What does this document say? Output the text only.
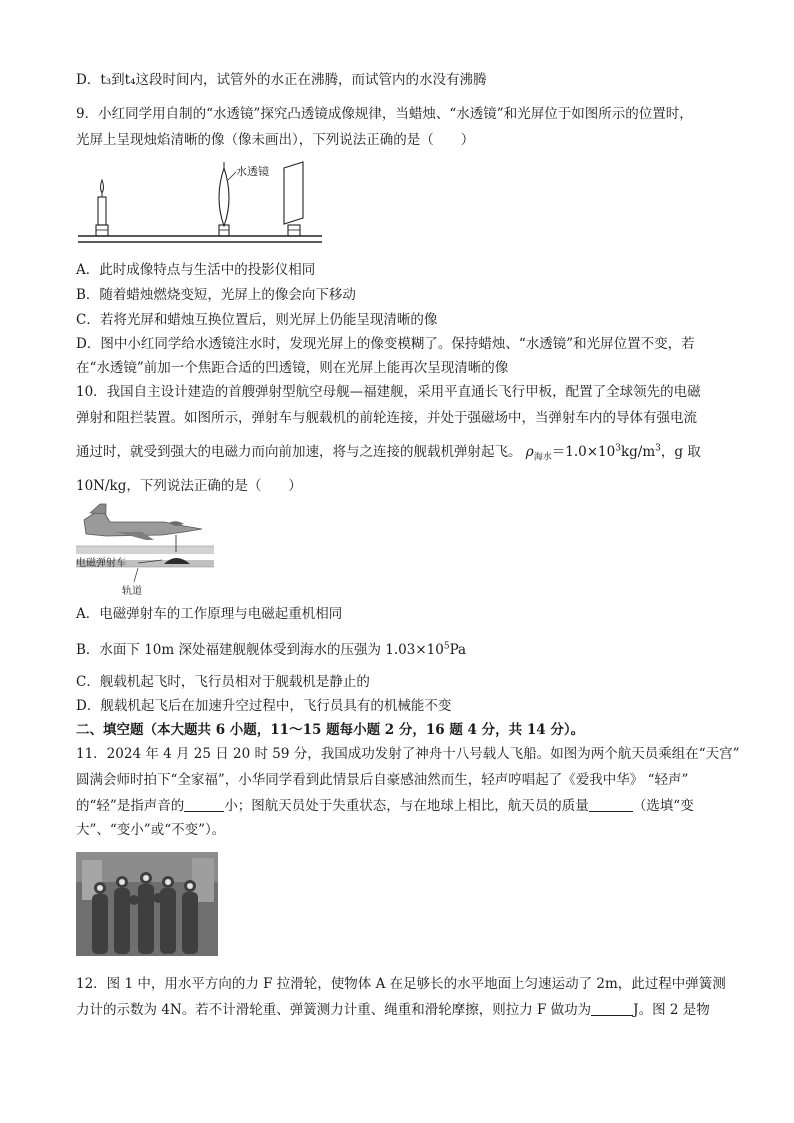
D．t₃到t₄这段时间内，试管外的水正在沸腾，而试管内的水没有沸腾
9．小红同学用自制的“水透镜”探究凸透镜成像规律，当蜡烛、“水透镜”和光屏位于如图所示的位置时，
光屏上呈现烛焰清晰的像（像未画出），下列说法正确的是（　　）
水透镜
A．此时成像特点与生活中的投影仪相同
B．随着蜡烛燃烧变短，光屏上的像会向下移动
C．若将光屏和蜡烛互换位置后，则光屏上仍能呈现清晰的像
D．图中小红同学给水透镜注水时，发现光屏上的像变模糊了。保持蜡烛、“水透镜”和光屏位置不变，若
在“水透镜”前加一个焦距合适的凹透镜，则在光屏上能再次呈现清晰的像
10．我国自主设计建造的首艘弹射型航空母舰—福建舰，采用平直通长飞行甲板，配置了全球领先的电磁
弹射和阻拦装置。如图所示，弹射车与舰载机的前轮连接，并处于强磁场中，当弹射车内的导体有强电流
通过时，就受到强大的电磁力而向前加速，将与之连接的舰载机弹射起飞。 $\rho_{海水}=1.0\times 10^3kg/m^3$，g 取
10N/kg，下列说法正确的是（　　）
电磁弹射车
轨道
A．电磁弹射车的工作原理与电磁起重机相同
B．水面下 10m 深处福建舰舰体受到海水的压强为 $1.03\times 10^5Pa$
C．舰载机起飞时，飞行员相对于舰载机是静止的
D．舰载机起飞后在加速升空过程中，飞行员具有的机械能不变
二、填空题（本大题共 6 小题，11～15 题每小题 2 分，16 题 4 分，共 14 分）。
11．2024 年 4 月 25 日 20 时 59 分，我国成功发射了神舟十八号载人飞船。如图为两个航天员乘组在“天宫”
圆满会师时拍下“全家福”，小华同学看到此情景后自豪感油然而生，轻声哼唱起了《爱我中华》 “轻声”
的“轻”是指声音的	小；图航天员处于失重状态，与在地球上相比，航天员的质量	（选填“变
大”、“变小”或“不变”）。
12．图 1 中，用水平方向的力 F 拉滑轮，使物体 A 在足够长的水平地面上匀速运动了 2m，此过程中弹簧测
力计的示数为 4N。若不计滑轮重、弹簧测力计重、绳重和滑轮摩擦，则拉力 F 做功为	J。图 2 是物
